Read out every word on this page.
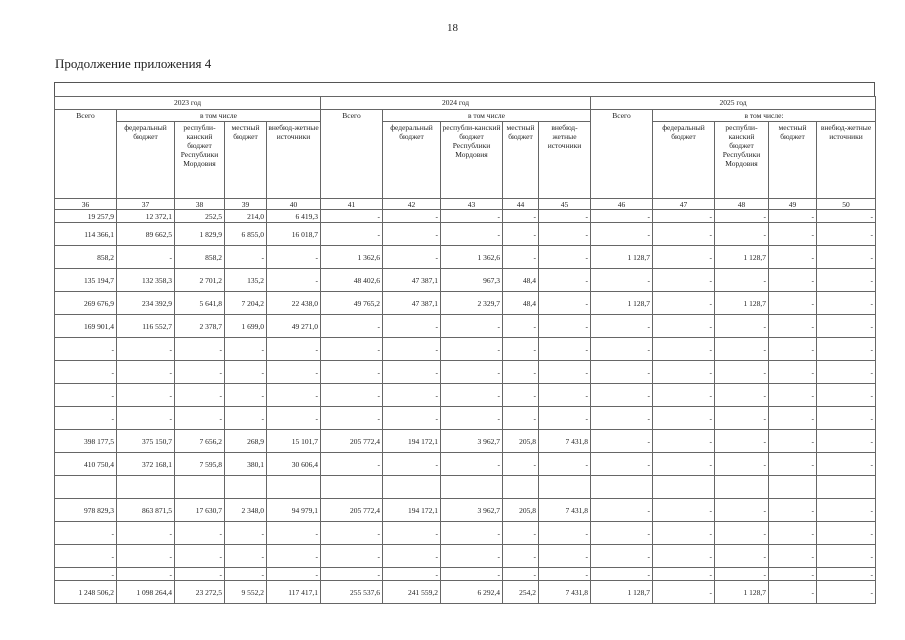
18
Продолжение приложения 4
2023 год					2024 год					2025 год				
Всего	в том числе				Всего	в том числе				Всего	в том числе:			
	федеральный бюджет	республи-канский бюджет Республики Мордовия	местный бюджет	внебюд-жетные источники		федеральный бюджет	республи-канский бюджет Республики Мордовия	местный бюджет	внебюд-жетные источники		федеральный бюджет	республи-канский бюджет Республики Мордовия	местный бюджет	внебюд-жетные источники
36	37	38	39	40	41	42	43	44	45	46	47	48	49	50
19 257,9	12 372,1	252,5	214,0	6 419,3	-	-	-	-	-	-	-	-	-	-
114 366,1	89 662,5	1 829,9	6 855,0	16 018,7	-	-	-	-	-	-	-	-	-	-
858,2	-	858,2	-	-	1 362,6	-	1 362,6	-	-	1 128,7	-	1 128,7	-	-
135 194,7	132 358,3	2 701,2	135,2	-	48 402,6	47 387,1	967,3	48,4	-	-	-	-	-	-
269 676,9	234 392,9	5 641,8	7 204,2	22 438,0	49 765,2	47 387,1	2 329,7	48,4	-	1 128,7	-	1 128,7	-	-
169 901,4	116 552,7	2 378,7	1 699,0	49 271,0	-	-	-	-	-	-	-	-	-	-
-	-	-	-	-	-	-	-	-	-	-	-	-	-	-
-	-	-	-	-	-	-	-	-	-	-	-	-	-	-
-	-	-	-	-	-	-	-	-	-	-	-	-	-	-
-	-	-	-	-	-	-	-	-	-	-	-	-	-	-
398 177,5	375 150,7	7 656,2	268,9	15 101,7	205 772,4	194 172,1	3 962,7	205,8	7 431,8	-	-	-	-	-
410 750,4	372 168,1	7 595,8	380,1	30 606,4	-	-	-	-	-	-	-	-	-	-

978 829,3	863 871,5	17 630,7	2 348,0	94 979,1	205 772,4	194 172,1	3 962,7	205,8	7 431,8	-	-	-	-	-
-	-	-	-	-	-	-	-	-	-	-	-	-	-	-
-	-	-	-	-	-	-	-	-	-	-	-	-	-	-
-	-	-	-	-	-	-	-	-	-	-	-	-	-	-
1 248 506,2	1 098 264,4	23 272,5	9 552,2	117 417,1	255 537,6	241 559,2	6 292,4	254,2	7 431,8	1 128,7	-	1 128,7	-	-
